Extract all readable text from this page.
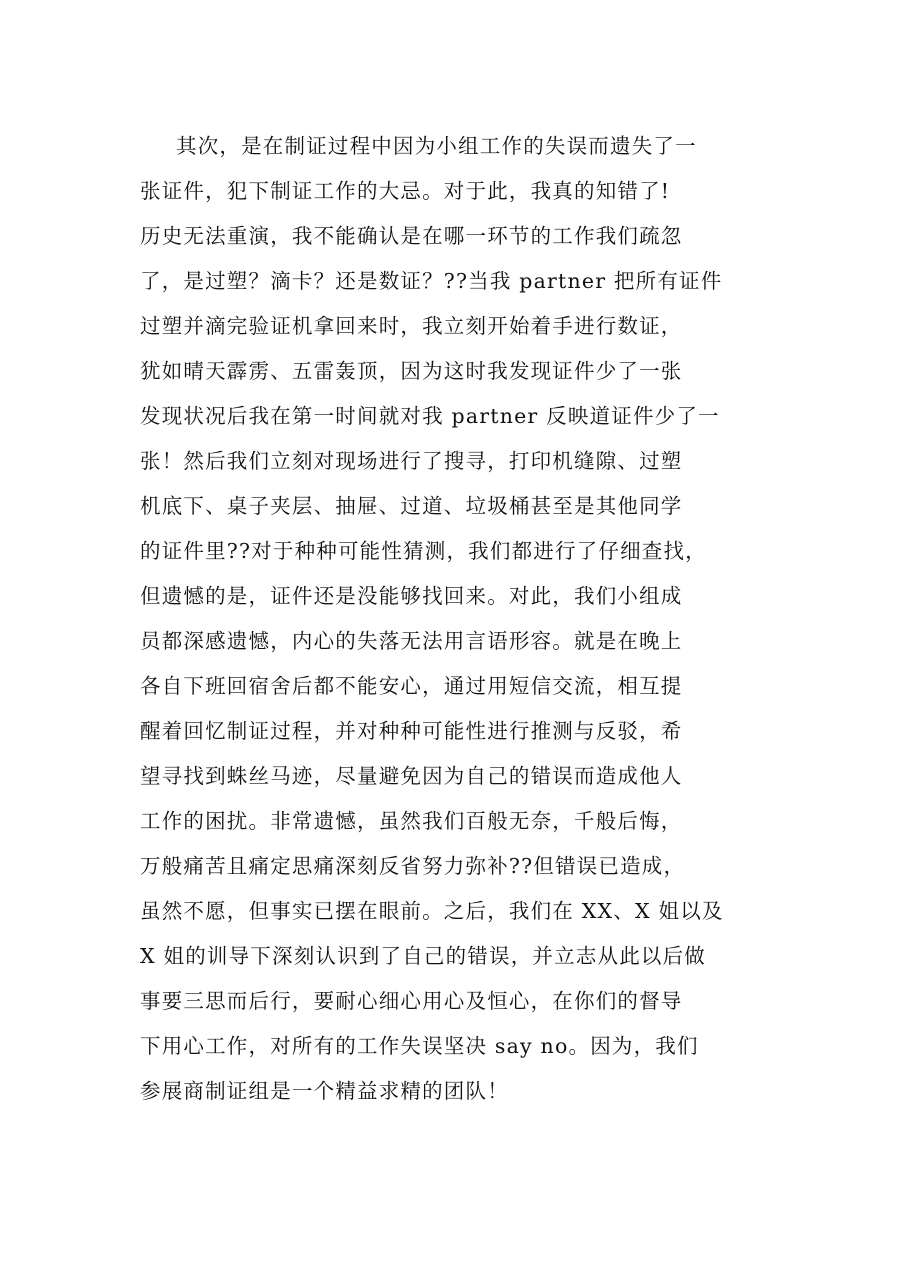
其次，是在制证过程中因为小组工作的失误而遗失了一
张证件，犯下制证工作的大忌。对于此，我真的知错了!
历史无法重演，我不能确认是在哪一环节的工作我们疏忽
了，是过塑？滴卡？还是数证？??当我 partner 把所有证件
过塑并滴完验证机拿回来时，我立刻开始着手进行数证，
犹如晴天霹雳、五雷轰顶，因为这时我发现证件少了一张
发现状况后我在第一时间就对我 partner 反映道证件少了一
张！然后我们立刻对现场进行了搜寻，打印机缝隙、过塑
机底下、桌子夹层、抽屉、过道、垃圾桶甚至是其他同学
的证件里??对于种种可能性猜测，我们都进行了仔细查找，
但遗憾的是，证件还是没能够找回来。对此，我们小组成
员都深感遗憾，内心的失落无法用言语形容。就是在晚上
各自下班回宿舍后都不能安心，通过用短信交流，相互提
醒着回忆制证过程，并对种种可能性进行推测与反驳，希
望寻找到蛛丝马迹，尽量避免因为自己的错误而造成他人
工作的困扰。非常遗憾，虽然我们百般无奈，千般后悔，
万般痛苦且痛定思痛深刻反省努力弥补??但错误已造成，
虽然不愿，但事实已摆在眼前。之后，我们在 XX、X 姐以及
X 姐的训导下深刻认识到了自己的错误，并立志从此以后做
事要三思而后行，要耐心细心用心及恒心，在你们的督导
下用心工作，对所有的工作失误坚决 say no。因为，我们
参展商制证组是一个精益求精的团队！
